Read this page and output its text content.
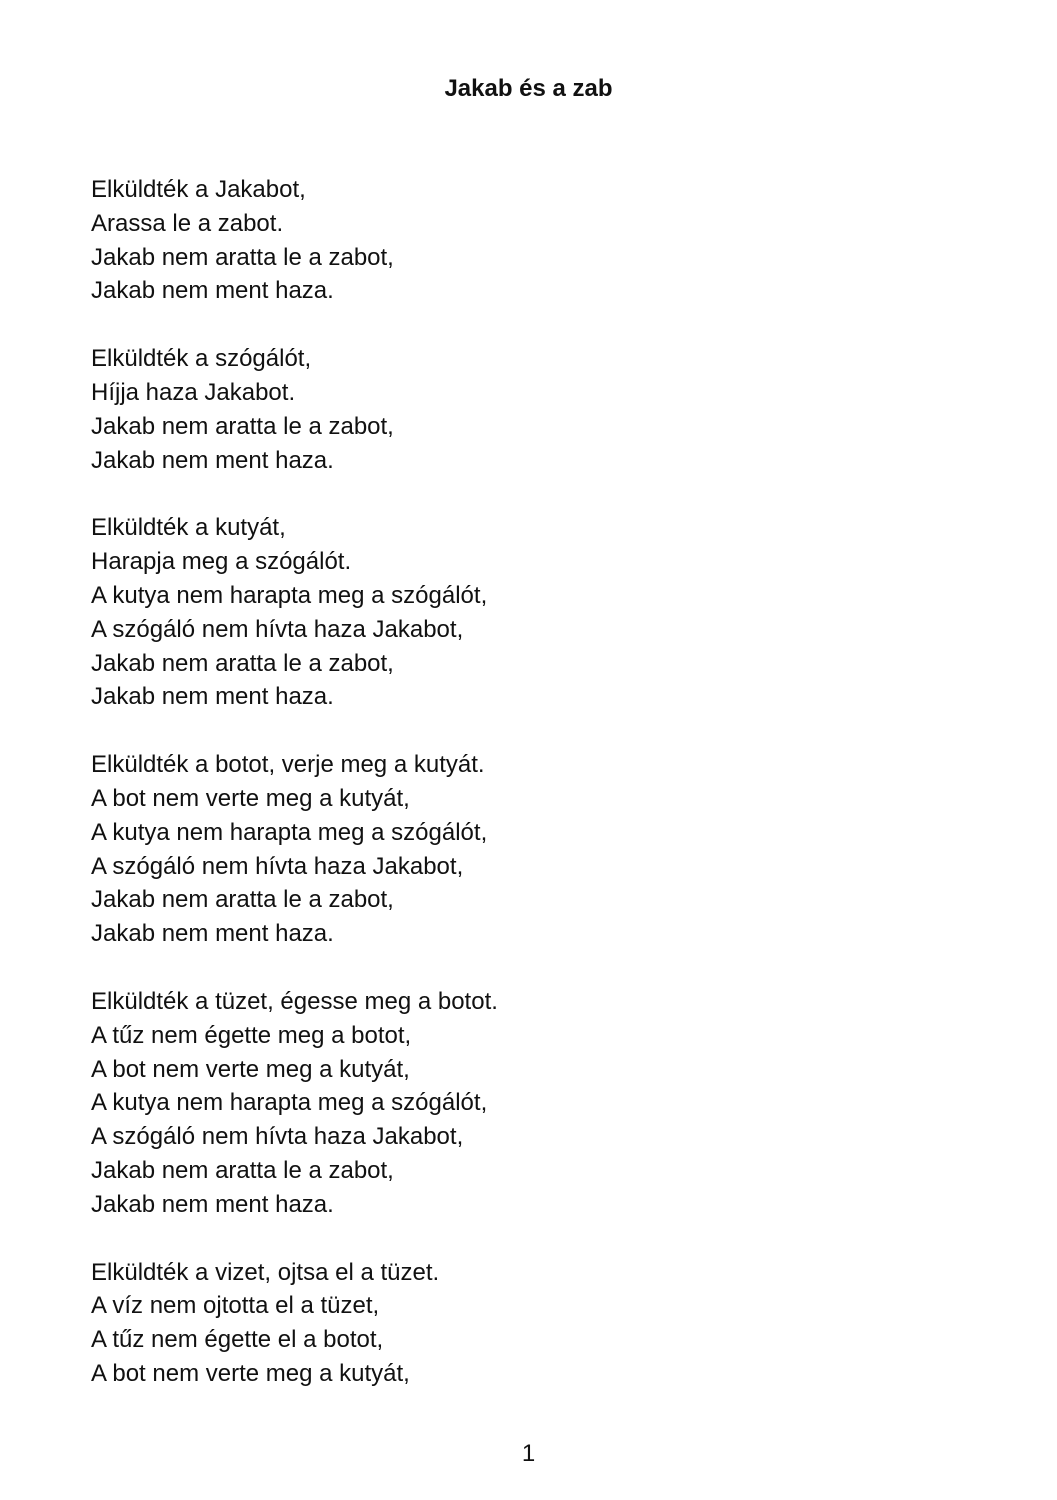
Jakab és a zab
Elküldték a Jakabot,
Arassa le a zabot.
Jakab nem aratta le a zabot,
Jakab nem ment haza.
Elküldték a szógálót,
Híjja haza Jakabot.
Jakab nem aratta le a zabot,
Jakab nem ment haza.
Elküldték a kutyát,
Harapja meg a szógálót.
A kutya nem harapta meg a szógálót,
A szógáló nem hívta haza Jakabot,
Jakab nem aratta le a zabot,
Jakab nem ment haza.
Elküldték a botot, verje meg a kutyát.
A bot nem verte meg a kutyát,
A kutya nem harapta meg a szógálót,
A szógáló nem hívta haza Jakabot,
Jakab nem aratta le a zabot,
Jakab nem ment haza.
Elküldték a tüzet, égesse meg a botot.
A tűz nem égette meg a botot,
A bot nem verte meg a kutyát,
A kutya nem harapta meg a szógálót,
A szógáló nem hívta haza Jakabot,
Jakab nem aratta le a zabot,
Jakab nem ment haza.
Elküldték a vizet, ojtsa el a tüzet.
A víz nem ojtotta el a tüzet,
A tűz nem égette el a botot,
A bot nem verte meg a kutyát,
1
